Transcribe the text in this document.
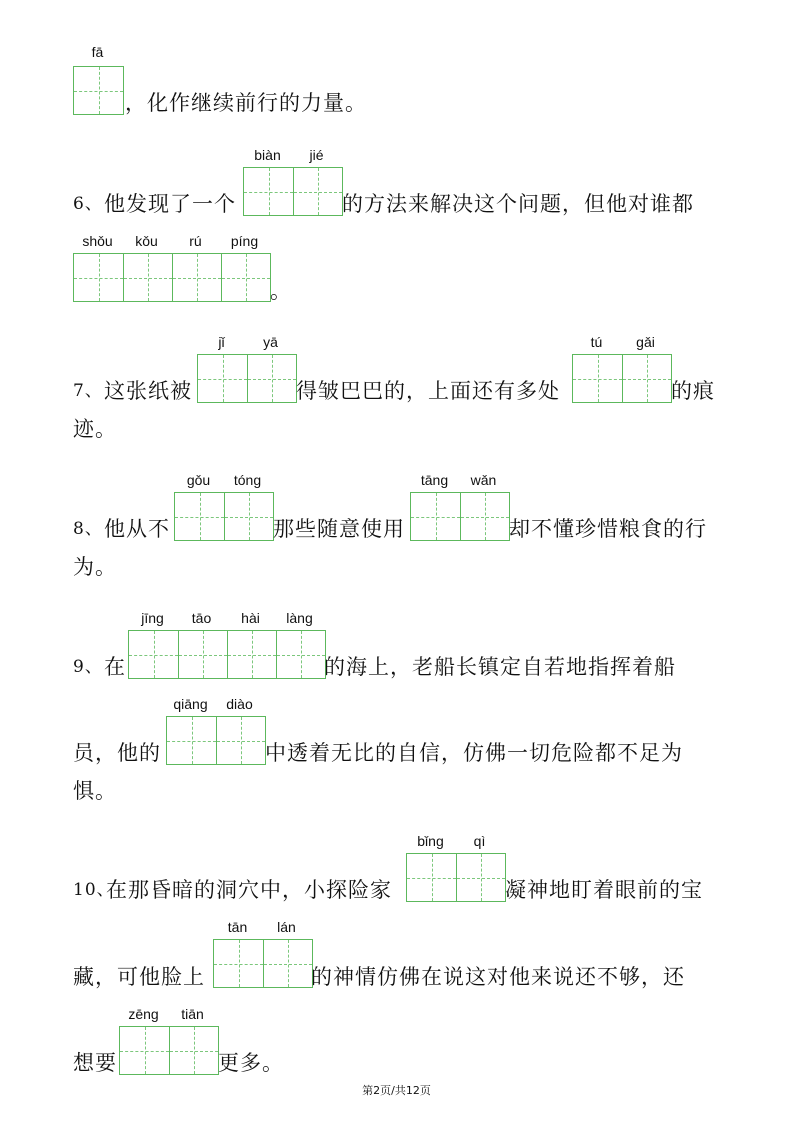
fā
，化作继续前行的力量。
6、 他发现了一个
biàn	jié
的方法来解决这个问题，但他对谁都
shǒu	kǒu	rú	píng
。
7、 这张纸被
jǐ	yā
得皱巴巴的，上面还有多处
tú	gǎi
的痕
迹。
8、 他从不
gǒu	tóng
那些随意使用
tāng	wǎn
却不懂珍惜粮食的行
为。
9、 在
jīng	tāo	hài	làng
的海上，老船长镇定自若地指挥着船
员，他的
qiāng	diào
中透着无比的自信，仿佛一切危险都不足为
惧。
10、
在那昏暗的洞穴中，小探险家
bǐng	qì
凝神地盯着眼前的宝
藏，可他脸上
tān	lán
的神情仿佛在说这对他来说还不够，还
想要
zēng	tiān
更多。
第2页/共12页
